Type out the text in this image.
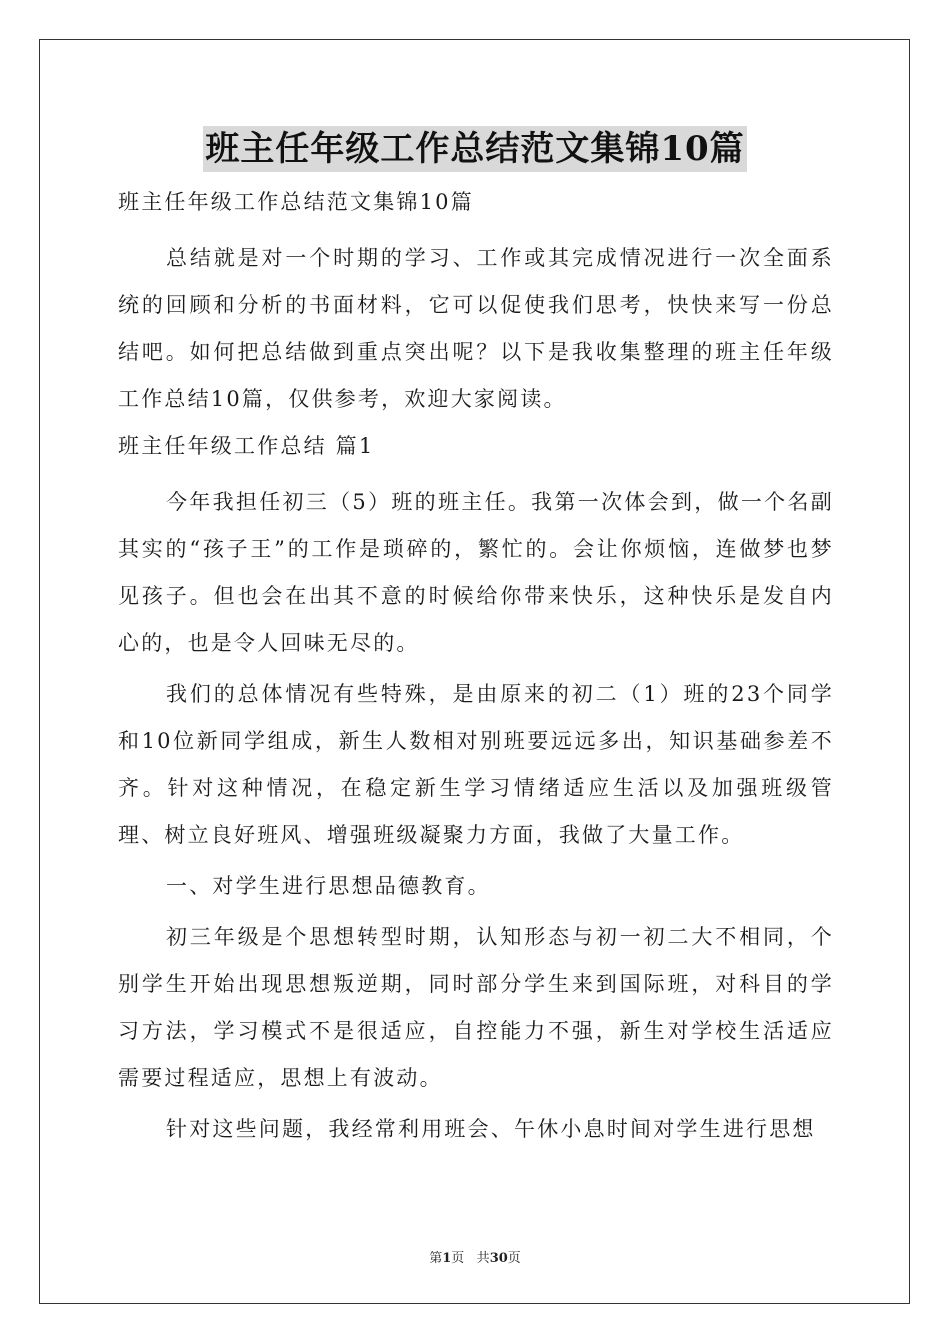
班主任年级工作总结范文集锦10篇

班主任年级工作总结范文集锦10篇

总结就是对一个时期的学习、工作或其完成情况进行一次全面系统的回顾和分析的书面材料，它可以促使我们思考，快快来写一份总结吧。如何把总结做到重点突出呢？以下是我收集整理的班主任年级工作总结10篇，仅供参考，欢迎大家阅读。

班主任年级工作总结 篇1

今年我担任初三（5）班的班主任。我第一次体会到，做一个名副其实的“孩子王”的工作是琐碎的，繁忙的。会让你烦恼，连做梦也梦见孩子。但也会在出其不意的时候给你带来快乐，这种快乐是发自内心的，也是令人回味无尽的。

我们的总体情况有些特殊，是由原来的初二（1）班的23个同学和10位新同学组成，新生人数相对别班要远远多出，知识基础参差不齐。针对这种情况，在稳定新生学习情绪适应生活以及加强班级管理、树立良好班风、增强班级凝聚力方面，我做了大量工作。

一、对学生进行思想品德教育。

初三年级是个思想转型时期，认知形态与初一初二大不相同，个别学生开始出现思想叛逆期，同时部分学生来到国际班，对科目的学习方法，学习模式不是很适应，自控能力不强，新生对学校生活适应需要过程适应，思想上有波动。

针对这些问题，我经常利用班会、午休小息时间对学生进行思想

第1页 共30页
